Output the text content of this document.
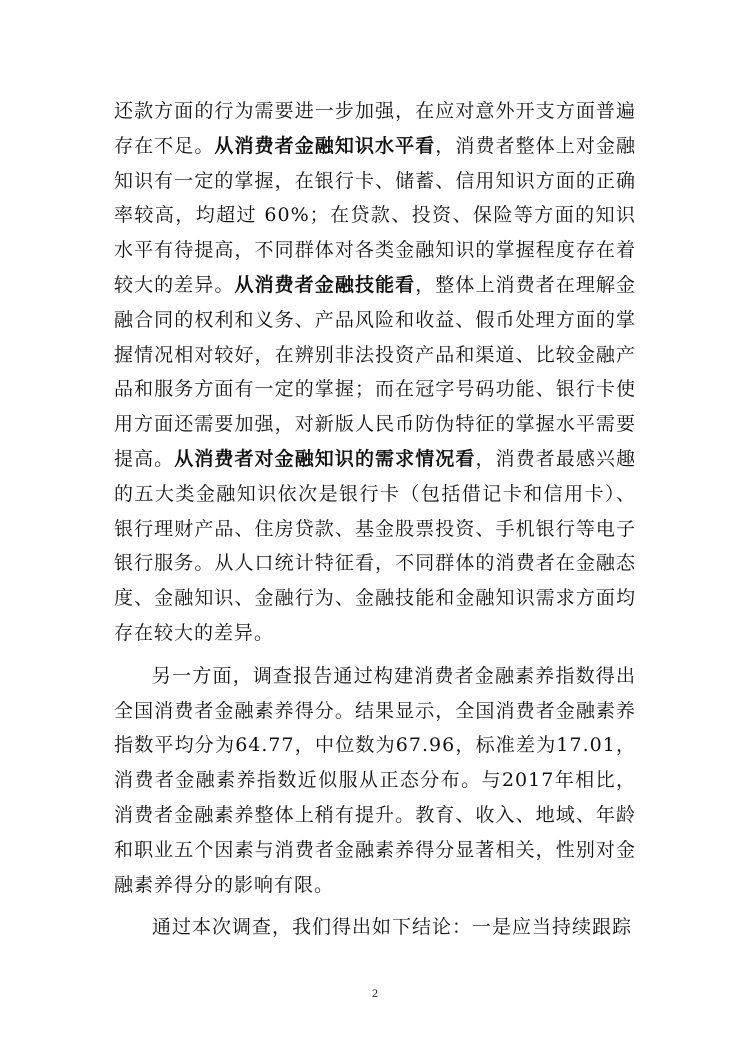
还款方面的行为需要进一步加强，在应对意外开支方面普遍存在不足。从消费者金融知识水平看，消费者整体上对金融知识有一定的掌握，在银行卡、储蓄、信用知识方面的正确率较高，均超过 60%；在贷款、投资、保险等方面的知识水平有待提高，不同群体对各类金融知识的掌握程度存在着较大的差异。从消费者金融技能看，整体上消费者在理解金融合同的权利和义务、产品风险和收益、假币处理方面的掌握情况相对较好，在辨别非法投资产品和渠道、比较金融产品和服务方面有一定的掌握；而在冠字号码功能、银行卡使用方面还需要加强，对新版人民币防伪特征的掌握水平需要提高。从消费者对金融知识的需求情况看，消费者最感兴趣的五大类金融知识依次是银行卡（包括借记卡和信用卡）、银行理财产品、住房贷款、基金股票投资、手机银行等电子银行服务。从人口统计特征看，不同群体的消费者在金融态度、金融知识、金融行为、金融技能和金融知识需求方面均存在较大的差异。

另一方面，调查报告通过构建消费者金融素养指数得出全国消费者金融素养得分。结果显示，全国消费者金融素养指数平均分为64.77，中位数为67.96，标准差为17.01，消费者金融素养指数近似服从正态分布。与2017年相比，消费者金融素养整体上稍有提升。教育、收入、地域、年龄和职业五个因素与消费者金融素养得分显著相关，性别对金融素养得分的影响有限。

通过本次调查，我们得出如下结论：一是应当持续跟踪

2
